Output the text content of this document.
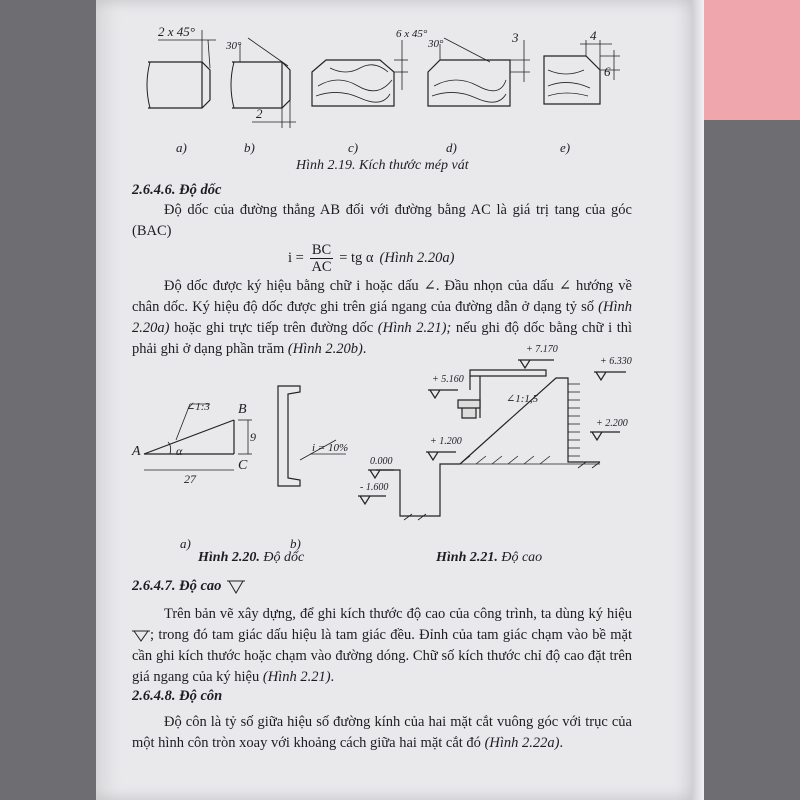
2 x 45°
30°
2
6 x 45°
30°	3	4
6
a)	b)	c)	d)	e)
Hình 2.19. Kích thước mép vát
2.6.4.6. Độ dốc
Độ dốc của đường thẳng AB đối với đường bằng AC là giá trị tang của góc (BAC)
$i = \frac{BC}{AC}$ = tg α (Hình 2.20a)
Độ dốc được ký hiệu bằng chữ i hoặc dấu ∠. Đầu nhọn của dấu ∠ hướng về chân dốc. Ký hiệu độ dốc được ghi trên giá ngang của đường dẫn ở dạng tỷ số (Hình 2.20a) hoặc ghi trực tiếp trên đường dốc (Hình 2.21); nếu ghi độ dốc bằng chữ i thì phải ghi ở dạng phần trăm (Hình 2.20b).
∠1:3
A
B
C
α
27
9
i = 10%
a)	b)
+ 7.170
+ 6.330
+ 5.160
+ 2.200
+ 1.200
0.000
- 1.600
∠1:1,5
Hình 2.20. Độ dốc	Hình 2.21. Độ cao
2.6.4.7. Độ cao
Trên bản vẽ xây dựng, để ghi kích thước độ cao của công trình, ta dùng ký hiệu ; trong đó tam giác dấu hiệu là tam giác đều. Đỉnh của tam giác chạm vào bề mặt cần ghi kích thước hoặc chạm vào đường dóng. Chữ số kích thước chỉ độ cao đặt trên giá ngang của ký hiệu (Hình 2.21).
2.6.4.8. Độ côn
Độ côn là tỷ số giữa hiệu số đường kính của hai mặt cắt vuông góc với trục của một hình côn tròn xoay với khoảng cách giữa hai mặt cắt đó (Hình 2.22a).
